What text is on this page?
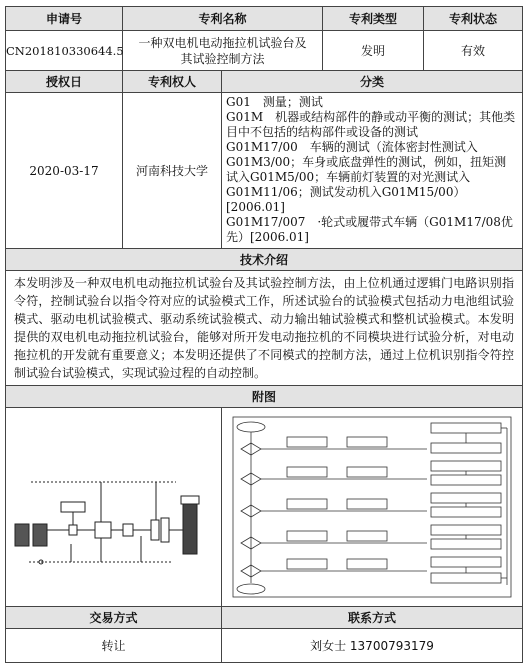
申请号	专利名称		专利类型	专利状态
CN201810330644.5	一种双电机电动拖拉机试验台及其试验控制方法		发明	有效
授权日	专利权人	分类		
2020-03-17	河南科技大学	G01　测量；测试
G01M　机器或结构部件的静或动平衡的测试；其他类目中不包括的结构部件或设备的测试
G01M17/00　车辆的测试（流体密封性测试入G01M3/00；车身或底盘弹性的测试，例如，扭矩测试入G01M5/00；车辆前灯装置的对光测试入G01M11/06；测试发动机入G01M15/00）[2006.01]
G01M17/007　·轮式或履带式车辆（G01M17/08优先）[2006.01]		

技术介绍				
本发明涉及一种双电机电动拖拉机试验台及其试验控制方法，由上位机通过逻辑门电路识别指令符，控制试验台以指令符对应的试验模式工作，所述试验台的试验模式包括动力电池组试验模式、驱动电机试验模式、驱动系统试验模式、动力输出轴试验模式和整机试验模式。本发明提供的双电机电动拖拉机试验台，能够对所开发电动拖拉机的不同模块进行试验分析，对电动拖拉机的开发就有重要意义；本发明还提供了不同模式的控制方法，通过上位机识别指令符控制试验台试验模式，实现试验过程的自动控制。				
附图				

交易方式		联系方式		
转让		刘女士 13700793179		
